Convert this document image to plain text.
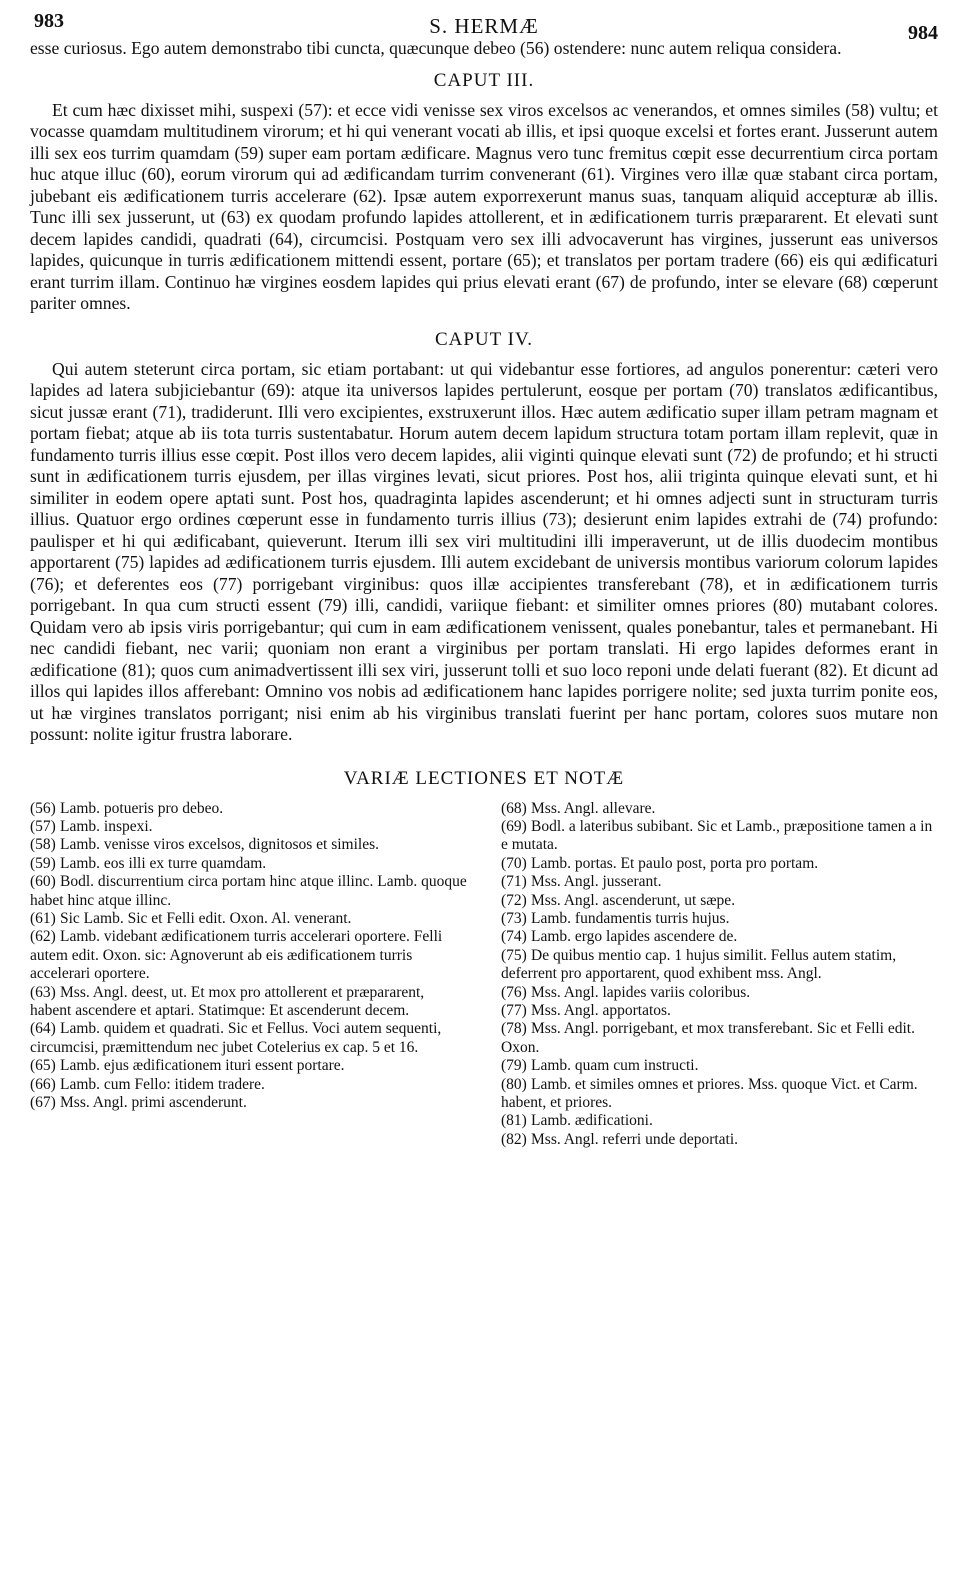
983	S. HERMÆ	984

esse curiosus. Ego autem demonstrabo tibi cuncta, quæcunque debeo (56) ostendere: nunc autem reliqua considera.

CAPUT III.

Et cum hæc dixisset mihi, suspexi (57): et ecce vidi venisse sex viros excelsos ac venerandos, et omnes similes (58) vultu; et vocasse quamdam multitudinem virorum; et hi qui venerant vocati ab illis, et ipsi quoque excelsi et fortes erant. Jusserunt autem illi sex eos turrim quamdam (59) super eam portam ædificare. Magnus vero tunc fremitus cœpit esse decurrentium circa portam huc atque illuc (60), eorum virorum qui ad ædificandam turrim convenerant (61). Virgines vero illæ quæ stabant circa portam, jubebant eis ædificationem turris accelerare (62). Ipsæ autem exporrexerunt manus suas, tanquam aliquid accepturæ ab illis. Tunc illi sex jusserunt, ut (63) ex quodam profundo lapides attollerent, et in ædificationem turris præpararent. Et elevati sunt decem lapides candidi, quadrati (64), circumcisi. Postquam vero sex illi advocaverunt has virgines, jusserunt eas universos lapides, quicunque in turris ædificationem mittendi essent, portare (65); et translatos per portam tradere (66) eis qui ædificaturi erant turrim illam. Continuo hæ virgines eosdem lapides qui prius elevati erant (67) de profundo, inter se elevare (68) cœperunt pariter omnes.

CAPUT IV.

Qui autem steterunt circa portam, sic etiam portabant: ut qui videbantur esse fortiores, ad angulos ponerentur: cæteri vero lapides ad latera subjiciebantur (69): atque ita universos lapides pertulerunt, eosque per portam (70) translatos ædificantibus, sicut jussæ erant (71), tradiderunt. Illi vero excipientes, exstruxerunt illos. Hæc autem ædificatio super illam petram magnam et portam fiebat; atque ab iis tota turris sustentabatur. Horum autem decem lapidum structura totam portam illam replevit, quæ in fundamento turris illius esse cœpit. Post illos vero decem lapides, alii viginti quinque elevati sunt (72) de profundo; et hi structi sunt in ædificationem turris ejusdem, per illas virgines levati, sicut priores. Post hos, alii triginta quinque elevati sunt, et hi similiter in eodem opere aptati sunt. Post hos, quadraginta lapides ascenderunt; et hi omnes adjecti sunt in structuram turris illius. Quatuor ergo ordines cœperunt esse in fundamento turris illius (73); desierunt enim lapides extrahi de (74) profundo: paulisper et hi qui ædificabant, quieverunt. Iterum illi sex viri multitudini illi imperaverunt, ut de illis duodecim montibus apportarent (75) lapides ad ædificationem turris ejusdem. Illi autem excidebant de universis montibus variorum colorum lapides (76); et deferentes eos (77) porrigebant virginibus: quos illæ accipientes transferebant (78), et in ædificationem turris porrigebant. In qua cum structi essent (79) illi, candidi, variique fiebant: et similiter omnes priores (80) mutabant colores. Quidam vero ab ipsis viris porrigebantur; qui cum in eam ædificationem venissent, quales ponebantur, tales et permanebant. Hi nec candidi fiebant, nec varii; quoniam non erant a virginibus per portam translati. Hi ergo lapides deformes erant in ædificatione (81); quos cum animadvertissent illi sex viri, jusserunt tolli et suo loco reponi unde delati fuerant (82). Et dicunt ad illos qui lapides illos afferebant: Omnino vos nobis ad ædificationem hanc lapides porrigere nolite; sed juxta turrim ponite eos, ut hæ virgines translatos porrigant; nisi enim ab his virginibus translati fuerint per hanc portam, colores suos mutare non possunt: nolite igitur frustra laborare.

VARIÆ LECTIONES ET NOTÆ
(56) Lamb. potueris pro debeo.
(57) Lamb. inspexi.
(58) Lamb. venisse viros excelsos, dignitosos et similes.
(59) Lamb. eos illi ex turre quamdam.
(60) Bodl. discurrentium circa portam hinc atque illinc. Lamb. quoque habet hinc atque illinc.
(61) Sic Lamb. Sic et Felli edit. Oxon. Al. venerant.
(62) Lamb. videbant ædificationem turris accelerari oportere. Felli autem edit. Oxon. sic: Agnoverunt ab eis ædificationem turris accelerari oportere.
(63) Mss. Angl. deest, ut. Et mox pro attollerent et præpararent, habent ascendere et aptari. Statimque: Et ascenderunt decem.
(64) Lamb. quidem et quadrati. Sic et Fellus. Voci autem sequenti, circumcisi, præmittendum nec jubet Cotelerius ex cap. 5 et 16.
(65) Lamb. ejus ædificationem ituri essent portare.
(66) Lamb. cum Fello: itidem tradere.
(67) Mss. Angl. primi ascenderunt.
(68) Mss. Angl. allevare.
(69) Bodl. a lateribus subibant. Sic et Lamb., præpositione tamen a in e mutata.
(70) Lamb. portas. Et paulo post, porta pro portam.
(71) Mss. Angl. jusserant.
(72) Mss. Angl. ascenderunt, ut sæpe.
(73) Lamb. fundamentis turris hujus.
(74) Lamb. ergo lapides ascendere de.
(75) De quibus mentio cap. 1 hujus similit. Fellus autem statim, deferrent pro apportarent, quod exhibent mss. Angl.
(76) Mss. Angl. lapides variis coloribus.
(77) Mss. Angl. apportatos.
(78) Mss. Angl. porrigebant, et mox transferebant. Sic et Felli edit. Oxon.
(79) Lamb. quam cum instructi.
(80) Lamb. et similes omnes et priores. Mss. quoque Vict. et Carm. habent, et priores.
(81) Lamb. ædificationi.
(82) Mss. Angl. referri unde deportati.
